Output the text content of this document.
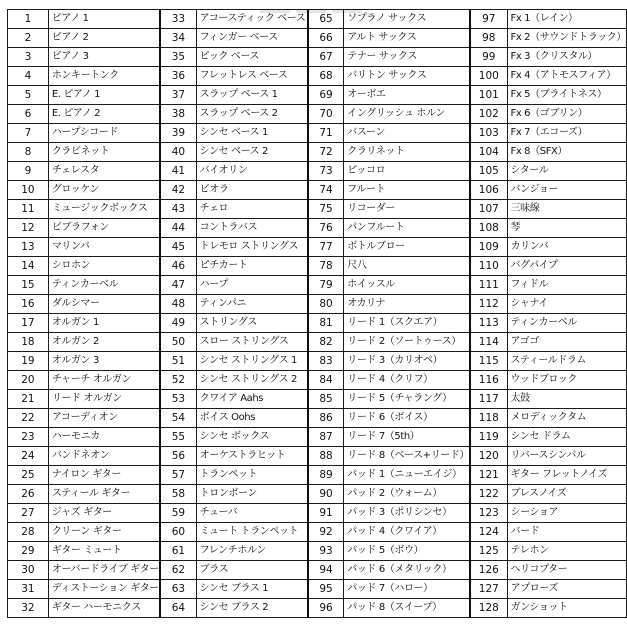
1	ピアノ 1	33	アコースティック ベース	65	ソプラノ サックス	97	Fx 1（レイン）
2	ピアノ 2	34	フィンガー ベース	66	アルト サックス	98	Fx 2（サウンドトラック）
3	ピアノ 3	35	ピック ベース	67	テナー サックス	99	Fx 3（クリスタル）
4	ホンキートンク	36	フレットレス ベース	68	バリトン サックス	100	Fx 4（アトモスフィア）
5	E. ピアノ 1	37	スラップ ベース 1	69	オーボエ	101	Fx 5（ブライトネス）
6	E. ピアノ 2	38	スラップ ベース 2	70	イングリッシュ ホルン	102	Fx 6（ゴブリン）
7	ハープシコード	39	シンセ ベース 1	71	バスーン	103	Fx 7（エコーズ）
8	クラビネット	40	シンセ ベース 2	72	クラリネット	104	Fx 8（SFX）
9	チェレスタ	41	バイオリン	73	ピッコロ	105	シタール
10	グロッケン	42	ビオラ	74	フルート	106	バンジョー
11	ミュージックボックス	43	チェロ	75	リコーダー	107	三味線
12	ビブラフォン	44	コントラバス	76	パンフルート	108	琴
13	マリンバ	45	トレモロ ストリングス	77	ボトルブロー	109	カリンバ
14	シロホン	46	ピチカート	78	尺八	110	バグパイプ
15	ティンカーベル	47	ハープ	79	ホイッスル	111	フィドル
16	ダルシマー	48	ティンパニ	80	オカリナ	112	シャナイ
17	オルガン 1	49	ストリングス	81	リード 1（スクエア）	113	ティンカーベル
18	オルガン 2	50	スロー ストリングス	82	リード 2（ソートゥース）	114	アゴゴ
19	オルガン 3	51	シンセ ストリングス 1	83	リード 3（カリオペ）	115	スティールドラム
20	チャーチ オルガン	52	シンセ ストリングス 2	84	リード 4（クリフ）	116	ウッドブロック
21	リード オルガン	53	クワイア Aahs	85	リード 5（チャラング）	117	太鼓
22	アコーディオン	54	ボイス Oohs	86	リード 6（ボイス）	118	メロディックタム
23	ハーモニカ	55	シンセ ボックス	87	リード 7（5th）	119	シンセ ドラム
24	バンドネオン	56	オーケストラヒット	88	リード 8（ベース+リード）	120	リバースシンバル
25	ナイロン ギター	57	トランペット	89	パッド 1（ニューエイジ）	121	ギター フレットノイズ
26	スティール ギター	58	トロンボーン	90	パッド 2（ウォーム）	122	ブレスノイズ
27	ジャズ ギター	59	チューバ	91	パッド 3（ポリシンセ）	123	シーショア
28	クリーン ギター	60	ミュート トランペット	92	パッド 4（クワイア）	124	バード
29	ギター ミュート	61	フレンチホルン	93	パッド 5（ボウ）	125	テレホン
30	オーバードライブ ギター	62	ブラス	94	パッド 6（メタリック）	126	ヘリコプター
31	ディストーション ギター	63	シンセ ブラス 1	95	パッド 7（ハロー）	127	アプローズ
32	ギター ハーモニクス	64	シンセ ブラス 2	96	パッド 8（スイープ）	128	ガンショット
